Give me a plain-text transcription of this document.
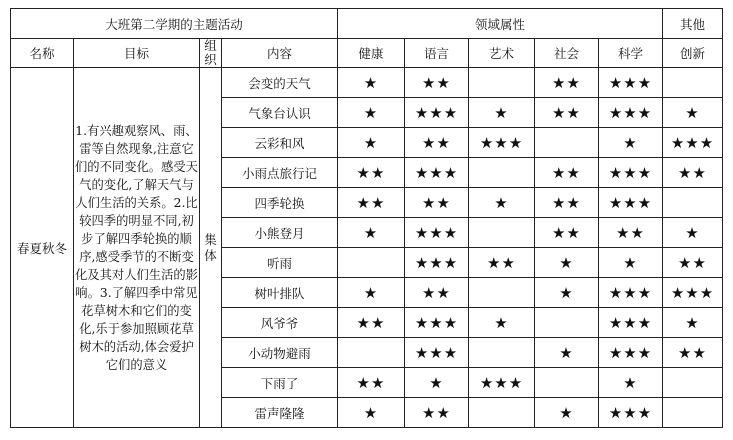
大班第二学期的主题活动				领域属性					其他
名称	目标	组织	内容	健康	语言	艺术	社会	科学	创新
春夏秋冬	1.有兴趣观察风、雨、雷等自然现象,注意它们的不同变化。感受天气的变化,了解天气与人们生活的关系。2.比较四季的明显不同,初步了解四季轮换的顺序,感受季节的不断变化及其对人们生活的影响。3.了解四季中常见花草树木和它们的变化,乐于参加照顾花草树木的活动,体会爱护它们的意义	集体	会变的天气	★	★★		★★	★★★	
			气象台认识	★	★★★	★	★★	★★★	★
			云彩和风	★	★★	★★★		★	★★★
			小雨点旅行记	★★	★★★		★★	★★★	★★
			四季轮换	★★	★★	★	★★	★★★	
			小熊登月	★	★★★		★★	★★	★
			听雨		★★★	★★	★	★	★★
			树叶排队	★	★★		★	★★★	★★★
			风爷爷	★★	★★★	★		★★★	★
			小动物避雨		★★★		★	★★★	★★
			下雨了	★★	★	★★★		★	
			雷声隆隆	★	★★		★	★★★	
